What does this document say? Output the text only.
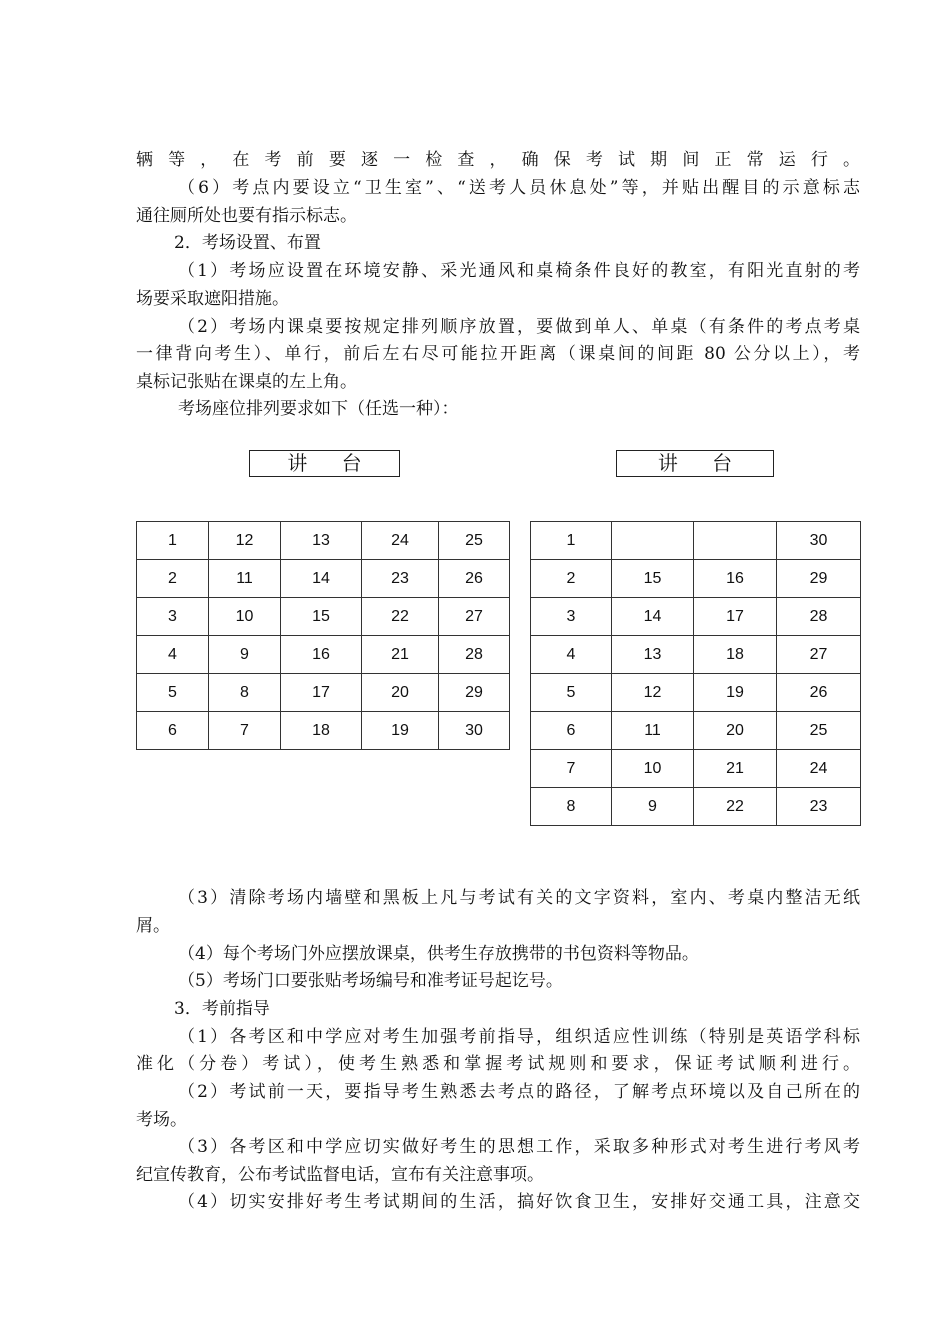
辆等，在考前要逐一检查，确保考试期间正常运行。
（6）考点内要设立“卫生室”、“送考人员休息处”等，并贴出醒目的示意标志
通往厕所处也要有指示标志。
2．考场设置、布置
（1）考场应设置在环境安静、采光通风和桌椅条件良好的教室，有阳光直射的考
场要采取遮阳措施。
（2）考场内课桌要按规定排列顺序放置，要做到单人、单桌（有条件的考点考桌
一律背向考生）、单行，前后左右尽可能拉开距离（课桌间的间距 80 公分以上），考
桌标记张贴在课桌的左上角。
考场座位排列要求如下（任选一种）：
讲 台	讲 台
1	12	13	24	25
2	11	14	23	26
3	10	15	22	27
4	9	16	21	28
5	8	17	20	29
6	7	18	19	30
1			30
2	15	16	29
3	14	17	28
4	13	18	27
5	12	19	26
6	11	20	25
7	10	21	24
8	9	22	23
（3）清除考场内墙壁和黑板上凡与考试有关的文字资料，室内、考桌内整洁无纸
屑。
（4）每个考场门外应摆放课桌，供考生存放携带的书包资料等物品。
（5）考场门口要张贴考场编号和准考证号起讫号。
3．考前指导
（1）各考区和中学应对考生加强考前指导，组织适应性训练（特别是英语学科标
准化（分卷）考试），使考生熟悉和掌握考试规则和要求，保证考试顺利进行。
（2）考试前一天，要指导考生熟悉去考点的路径，了解考点环境以及自己所在的
考场。
（3）各考区和中学应切实做好考生的思想工作，采取多种形式对考生进行考风考
纪宣传教育，公布考试监督电话，宣布有关注意事项。
（4）切实安排好考生考试期间的生活，搞好饮食卫生，安排好交通工具，注意交
